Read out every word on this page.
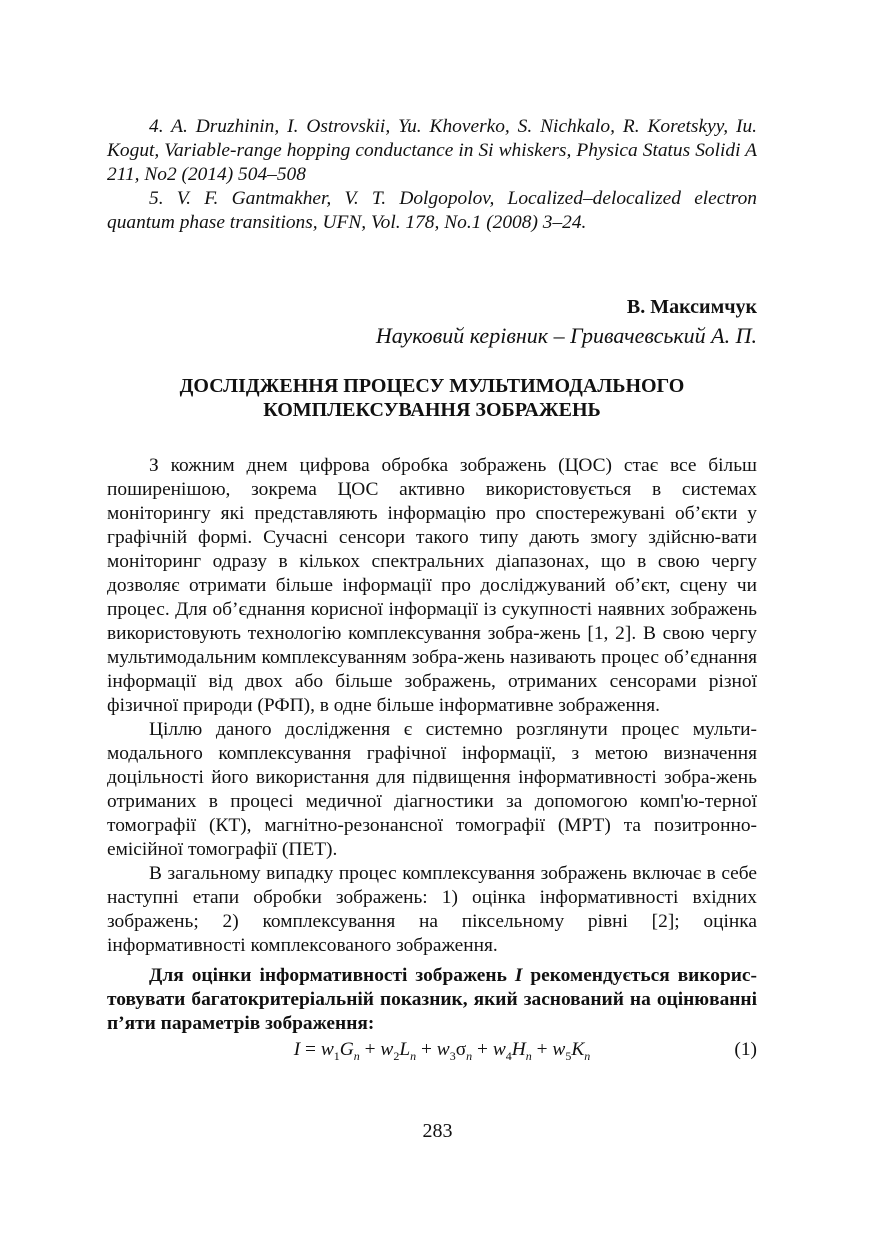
4. A. Druzhinin, I. Ostrovskii, Yu. Khoverko, S. Nichkalo, R. Koretskyy, Iu. Kogut, Variable-range hopping conductance in Si whiskers, Physica Status Solidi A 211, No2 (2014) 504–508

5. V. F. Gantmakher, V. T. Dolgopolov, Localized–delocalized electron quantum phase transitions, UFN, Vol. 178, No.1 (2008) 3–24.

В. Максимчук
Науковий керівник – Гривачевський А. П.
ДОСЛІДЖЕННЯ ПРОЦЕСУ МУЛЬТИМОДАЛЬНОГО КОМПЛЕКСУВАННЯ ЗОБРАЖЕНЬ

З кожним днем цифрова обробка зображень (ЦОС) стає все більш поширенішою, зокрема ЦОС активно використовується в системах моніторингу які представляють інформацію про спостережувані об’єкти у графічній формі. Сучасні сенсори такого типу дають змогу здійсню-вати моніторинг одразу в кількох спектральних діапазонах, що в свою чергу дозволяє отримати більше інформації про досліджуваний об’єкт, сцену чи процес. Для об’єднання корисної інформації із сукупності наявних зображень використовують технологію комплексування зобра-жень [1, 2]. В свою чергу мультимодальним комплексуванням зобра-жень називають процес об’єднання інформації від двох або більше зображень, отриманих сенсорами різної фізичної природи (РФП), в одне більше інформативне зображення.

Ціллю даного дослідження є системно розглянути процес мульти-модального комплексування графічної інформації, з метою визначення доцільності його використання для підвищення інформативності зобра-жень отриманих в процесі медичної діагностики за допомогою комп'ю-терної томографії (КТ), магнітно-резонансної томографії (МРТ) та позитронно-емісійної томографії (ПЕТ).

В загальному випадку процес комплексування зображень включає в себе наступні етапи обробки зображень: 1) оцінка інформативності вхідних зображень; 2) комплексування на піксельному рівні [2]; оцінка інформативності комплексованого зображення.

Для оцінки інформативності зображень I рекомендується викорис-товувати багатокритеріальній показник, який заснований на оцінюванні п’яти параметрів зображення:

$I = w_1G_n + w_2L_n + w_3\sigma_n + w_4H_n + w_5K_n$	(1)
283
